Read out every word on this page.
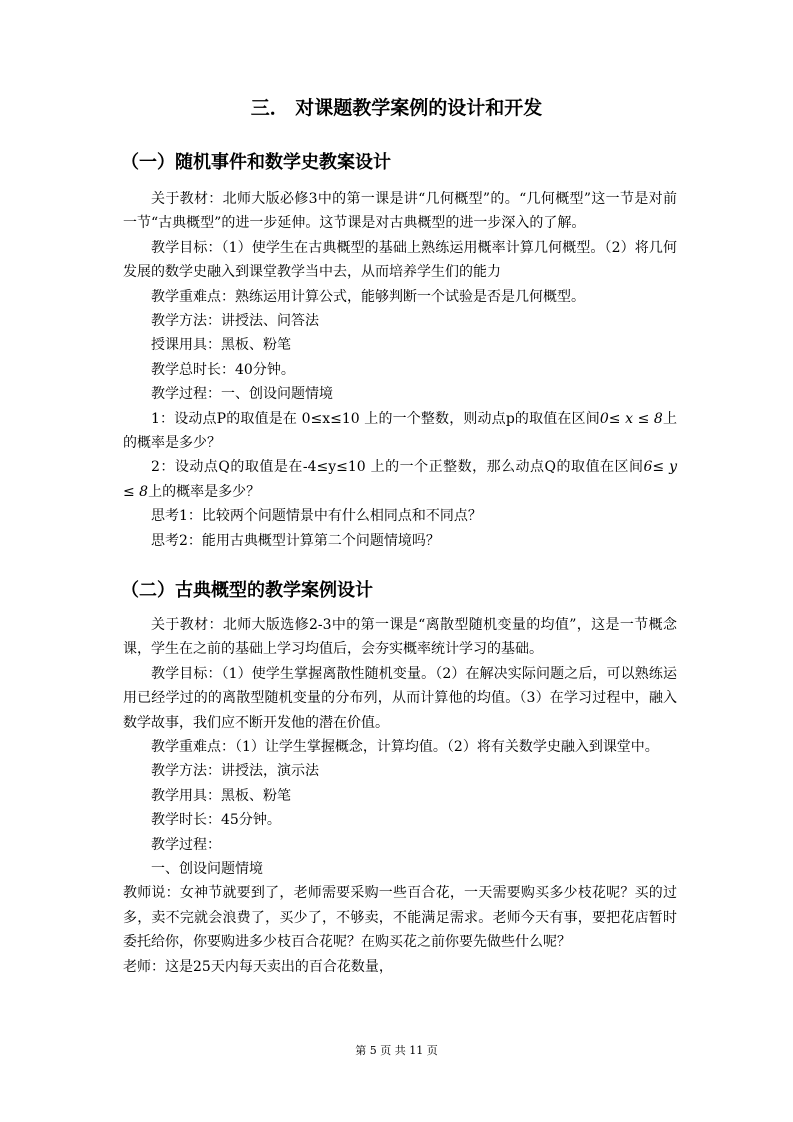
三． 对课题教学案例的设计和开发
（一）随机事件和数学史教案设计

关于教材：北师大版必修3中的第一课是讲“几何概型”的。“几何概型”这一节是对前一节“古典概型”的进一步延伸。这节课是对古典概型的进一步深入的了解。

教学目标：（1）使学生在古典概型的基础上熟练运用概率计算几何概型。（2）将几何发展的数学史融入到课堂教学当中去，从而培养学生们的能力

教学重难点：熟练运用计算公式，能够判断一个试验是否是几何概型。

教学方法：讲授法、问答法

授课用具：黑板、粉笔

教学总时长：40分钟。

教学过程：一、创设问题情境

1：设动点P的取值是在 0≤x≤10 上的一个整数，则动点p的取值在区间0≤ x ≤ 8上的概率是多少？

2：设动点Q的取值是在-4≤y≤10 上的一个正整数，那么动点Q的取值在区间6≤ y ≤ 8上的概率是多少？

思考1：比较两个问题情景中有什么相同点和不同点？

思考2：能用古典概型计算第二个问题情境吗？

（二）古典概型的教学案例设计

关于教材：北师大版选修2-3中的第一课是“离散型随机变量的均值”，这是一节概念课，学生在之前的基础上学习均值后，会夯实概率统计学习的基础。

教学目标：（1）使学生掌握离散性随机变量。（2）在解决实际问题之后，可以熟练运用已经学过的的离散型随机变量的分布列，从而计算他的均值。（3）在学习过程中，融入数学故事，我们应不断开发他的潜在价值。

教学重难点：（1）让学生掌握概念，计算均值。（2）将有关数学史融入到课堂中。

教学方法：讲授法，演示法

教学用具：黑板、粉笔

教学时长：45分钟。

教学过程：

一、创设问题情境

教师说：女神节就要到了，老师需要采购一些百合花，一天需要购买多少枝花呢？买的过多，卖不完就会浪费了，买少了，不够卖，不能满足需求。老师今天有事，要把花店暂时委托给你，你要购进多少枝百合花呢？在购买花之前你要先做些什么呢？

老师：这是25天内每天卖出的百合花数量，

第 5 页 共 11 页
